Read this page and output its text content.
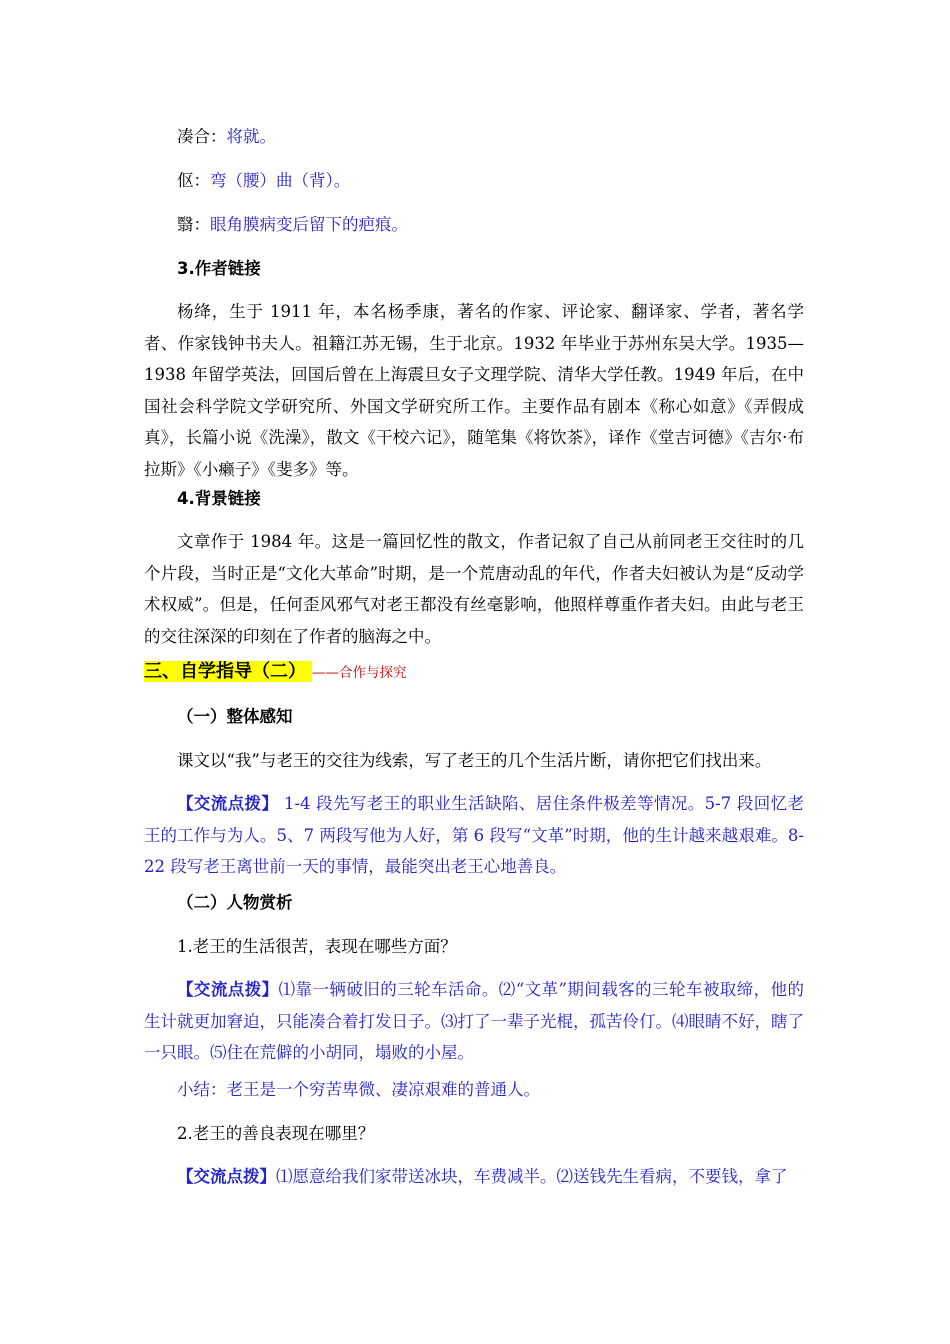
凑合：将就。
伛：弯（腰）曲（背）。
翳：眼角膜病变后留下的疤痕。
3.作者链接
杨绛，生于 1911 年，本名杨季康，著名的作家、评论家、翻译家、学者，著名学者、作家钱钟书夫人。祖籍江苏无锡，生于北京。1932 年毕业于苏州东吴大学。1935—1938 年留学英法，回国后曾在上海震旦女子文理学院、清华大学任教。1949 年后，在中国社会科学院文学研究所、外国文学研究所工作。主要作品有剧本《称心如意》《弄假成真》，长篇小说《洗澡》，散文《干校六记》，随笔集《将饮茶》，译作《堂吉诃德》《吉尔·布拉斯》《小癞子》《斐多》等。
4.背景链接
文章作于 1984 年。这是一篇回忆性的散文，作者记叙了自己从前同老王交往时的几个片段，当时正是“文化大革命”时期，是一个荒唐动乱的年代，作者夫妇被认为是“反动学术权威”。但是，任何歪风邪气对老王都没有丝毫影响，他照样尊重作者夫妇。由此与老王的交往深深的印刻在了作者的脑海之中。
三、自学指导（二） ——合作与探究
（一）整体感知
课文以“我”与老王的交往为线索，写了老王的几个生活片断，请你把它们找出来。
【交流点拨】 1-4 段先写老王的职业生活缺陷、居住条件极差等情况。5-7 段回忆老王的工作与为人。5、7 两段写他为人好，第 6 段写“文革”时期，他的生计越来越艰难。8-22 段写老王离世前一天的事情，最能突出老王心地善良。
（二）人物赏析
1.老王的生活很苦，表现在哪些方面？
【交流点拨】⑴靠一辆破旧的三轮车活命。⑵“文革”期间载客的三轮车被取缔，他的生计就更加窘迫，只能凑合着打发日子。⑶打了一辈子光棍，孤苦伶仃。⑷眼睛不好，瞎了一只眼。⑸住在荒僻的小胡同，塌败的小屋。
小结：老王是一个穷苦卑微、凄凉艰难的普通人。
2.老王的善良表现在哪里？
【交流点拨】⑴愿意给我们家带送冰块，车费减半。⑵送钱先生看病，不要钱，拿了
